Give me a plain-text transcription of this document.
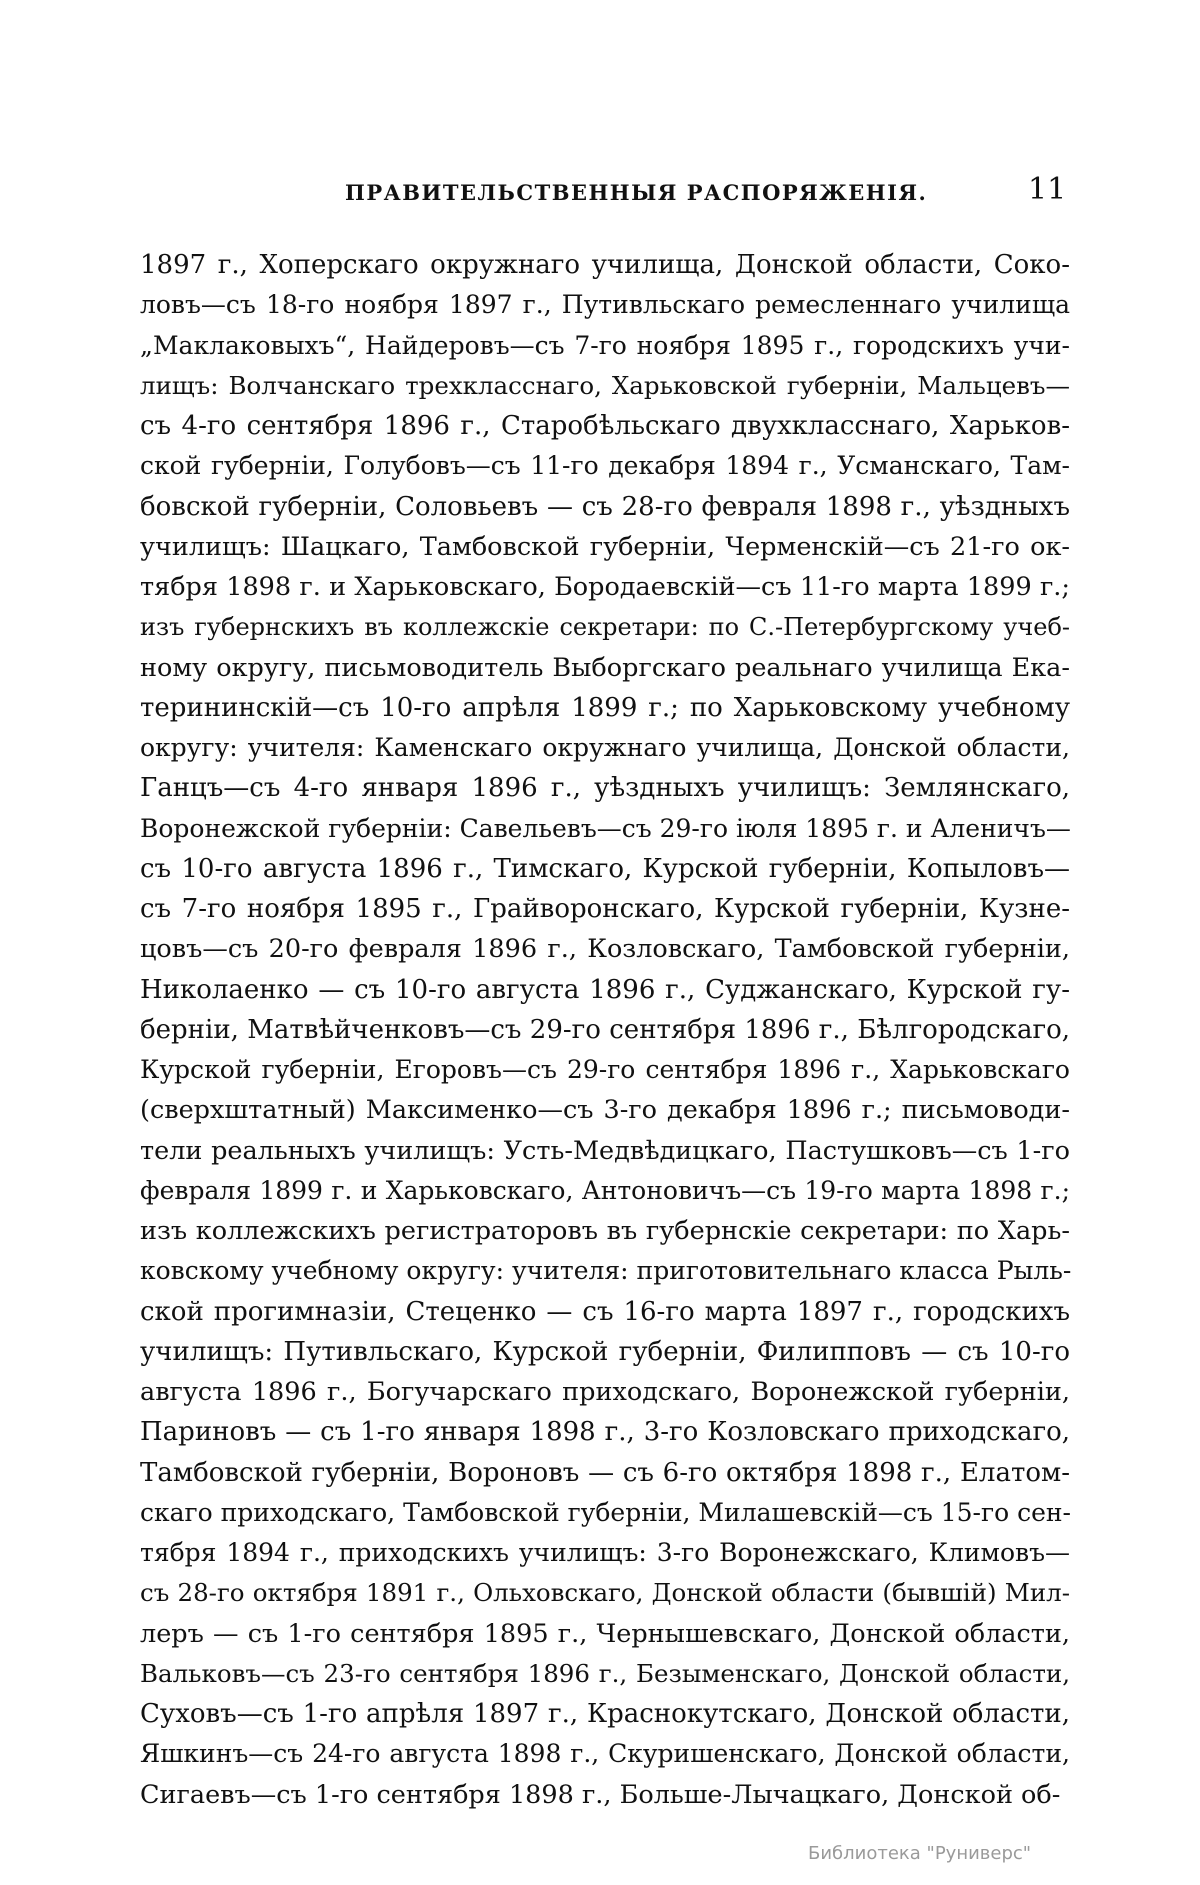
ПРАВИТЕЛЬСТВЕННЫЯ РАСПОРЯЖЕНІЯ.	11
1897 г., Хоперскаго окружнаго училища, Донской области, Соко-
ловъ—съ 18-го ноября 1897 г., Путивльскаго ремесленнаго училища
„Маклаковыхъ“, Найдеровъ—съ 7-го ноября 1895 г., городскихъ учи-
лищъ: Волчанскаго трехкласснаго, Харьковской губерніи, Мальцевъ—
съ 4-го сентября 1896 г., Старобѣльскаго двухкласснаго, Харьков-
ской губерніи, Голубовъ—съ 11-го декабря 1894 г., Усманскаго, Там-
бовской губерніи, Соловьевъ — съ 28-го февраля 1898 г., уѣздныхъ
училищъ: Шацкаго, Тамбовской губерніи, Черменскій—съ 21-го ок-
тября 1898 г. и Харьковскаго, Бородаевскій—съ 11-го марта 1899 г.;
изъ губернскихъ въ коллежскіе секретари: по С.-Петербургскому учеб-
ному округу, письмоводитель Выборгскаго реальнаго училища Ека-
терининскій—съ 10-го апрѣля 1899 г.; по Харьковскому учебному
округу: учителя: Каменскаго окружнаго училища, Донской области,
Ганцъ—съ 4-го января 1896 г., уѣздныхъ училищъ: Землянскаго,
Воронежской губерніи: Савельевъ—съ 29-го іюля 1895 г. и Аленичъ—
съ 10-го августа 1896 г., Тимскаго, Курской губерніи, Копыловъ—
съ 7-го ноября 1895 г., Грайворонскаго, Курской губерніи, Кузне-
цовъ—съ 20-го февраля 1896 г., Козловскаго, Тамбовской губерніи,
Николаенко — съ 10-го августа 1896 г., Суджанскаго, Курской гу-
берніи, Матвѣйченковъ—съ 29-го сентября 1896 г., Бѣлгородскаго,
Курской губерніи, Егоровъ—съ 29-го сентября 1896 г., Харьковскаго
(сверхштатный) Максименко—съ 3-го декабря 1896 г.; письмоводи-
тели реальныхъ училищъ: Усть-Медвѣдицкаго, Пастушковъ—съ 1-го
февраля 1899 г. и Харьковскаго, Антоновичъ—съ 19-го марта 1898 г.;
изъ коллежскихъ регистраторовъ въ губернскіе секретари: по Харь-
ковскому учебному округу: учителя: приготовительнаго класса Рыль-
ской прогимназіи, Стеценко — съ 16-го марта 1897 г., городскихъ
училищъ: Путивльскаго, Курской губерніи, Филипповъ — съ 10-го
августа 1896 г., Богучарскаго приходскаго, Воронежской губерніи,
Париновъ — съ 1-го января 1898 г., 3-го Козловскаго приходскаго,
Тамбовской губерніи, Вороновъ — съ 6-го октября 1898 г., Елатом-
скаго приходскаго, Тамбовской губерніи, Милашевскій—съ 15-го сен-
тября 1894 г., приходскихъ училищъ: 3-го Воронежскаго, Климовъ—
съ 28-го октября 1891 г., Ольховскаго, Донской области (бывшій) Мил-
леръ — съ 1-го сентября 1895 г., Чернышевскаго, Донской области,
Вальковъ—съ 23-го сентября 1896 г., Безыменскаго, Донской области,
Суховъ—съ 1-го апрѣля 1897 г., Краснокутскаго, Донской области,
Яшкинъ—съ 24-го августа 1898 г., Скуришенскаго, Донской области,
Сигаевъ—съ 1-го сентября 1898 г., Больше-Лычацкаго, Донской об-
Библиотека "Руниверс"
